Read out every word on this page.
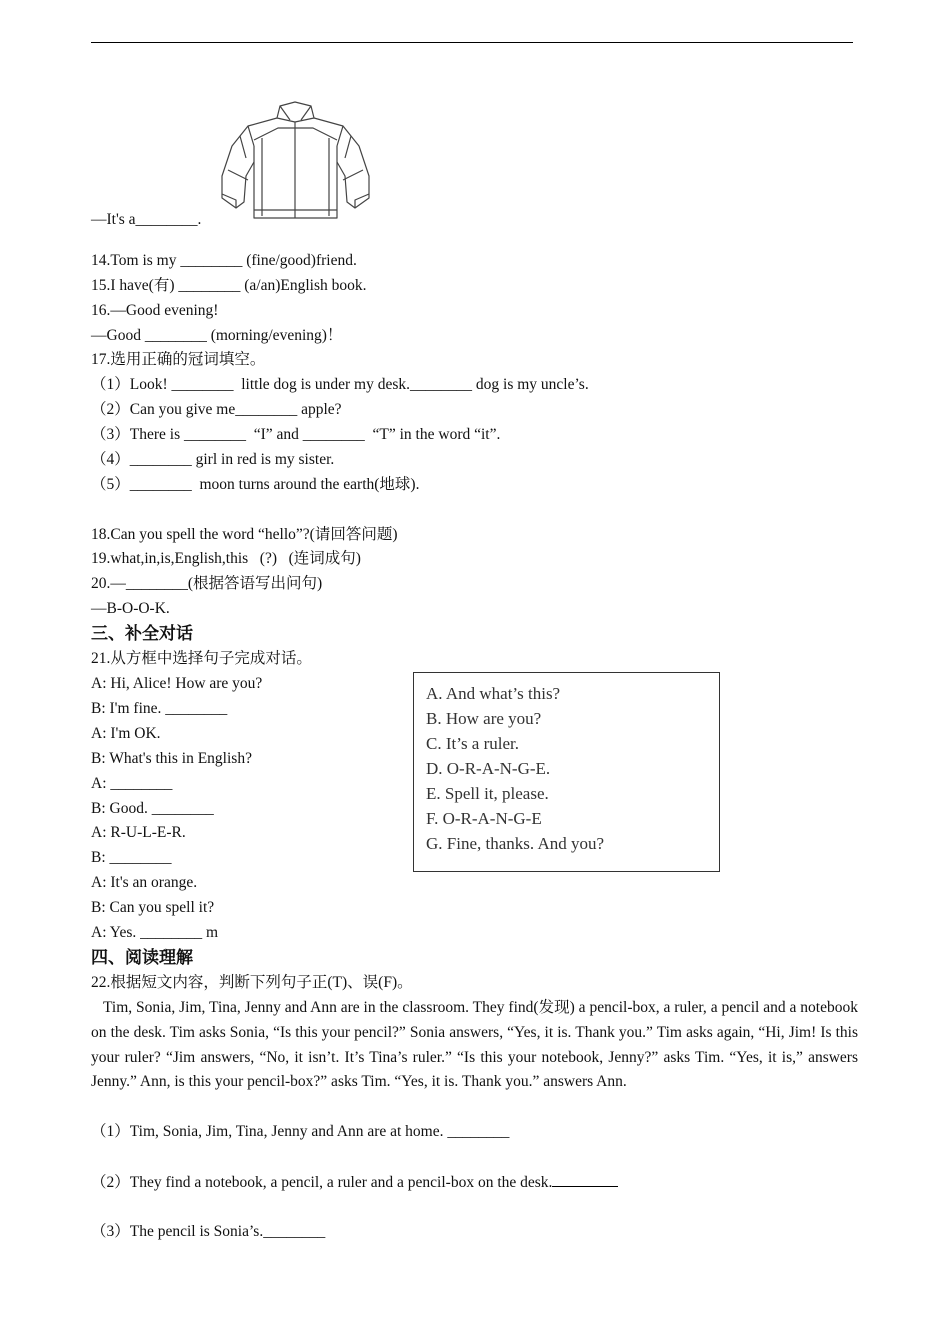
—It's a________.
14.Tom is my ________ (fine/good)friend.
15.I have(有) ________ (a/an)English book.
16.—Good evening!
—Good ________ (morning/evening)！
17.选用正确的冠词填空。
（1）Look! ________  little dog is under my desk.________ dog is my uncle’s.
（2）Can you give me________ apple?
（3）There is ________  “I” and ________  “T” in the word “it”.
（4）________ girl in red is my sister.
（5）________  moon turns around the earth(地球).
18.Can you spell the word “hello”?(请回答问题)
19.what,in,is,English,this   (?)   (连词成句)
20.—________(根据答语写出问句)
—B-O-O-K.
三、补全对话
21.从方框中选择句子完成对话。
A: Hi, Alice! How are you?
B: I'm fine. ________
A: I'm OK.
B: What's this in English?
A: ________
B: Good. ________
A: R-U-L-E-R.
B: ________
A: It's an orange.
B: Can you spell it?
A: Yes. ________ m
A. And what’s this?
B. How are you?
C. It’s a ruler.
D. O-R-A-N-G-E.
E. Spell it, please.
F. O-R-A-N-G-E
G. Fine, thanks. And you?
四、阅读理解
22.根据短文内容，判断下列句子正(T)、误(F)。
Tim, Sonia, Jim, Tina, Jenny and Ann are in the classroom. They find(发现) a pencil-box, a ruler, a pencil and a notebook on the desk. Tim asks Sonia, “Is this your pencil?” Sonia answers, “Yes, it is. Thank you.” Tim asks again, “Hi, Jim! Is this your ruler? “Jim answers, “No, it isn’t. It’s Tina’s ruler.” “Is this your notebook, Jenny?” asks Tim. “Yes, it is,” answers Jenny.” Ann, is this your pencil-box?” asks Tim. “Yes, it is. Thank you.” answers Ann.
（1）Tim, Sonia, Jim, Tina, Jenny and Ann are at home. ________
（2）They find a notebook, a pencil, a ruler and a pencil-box on the desk.
（3）The pencil is Sonia’s.________
